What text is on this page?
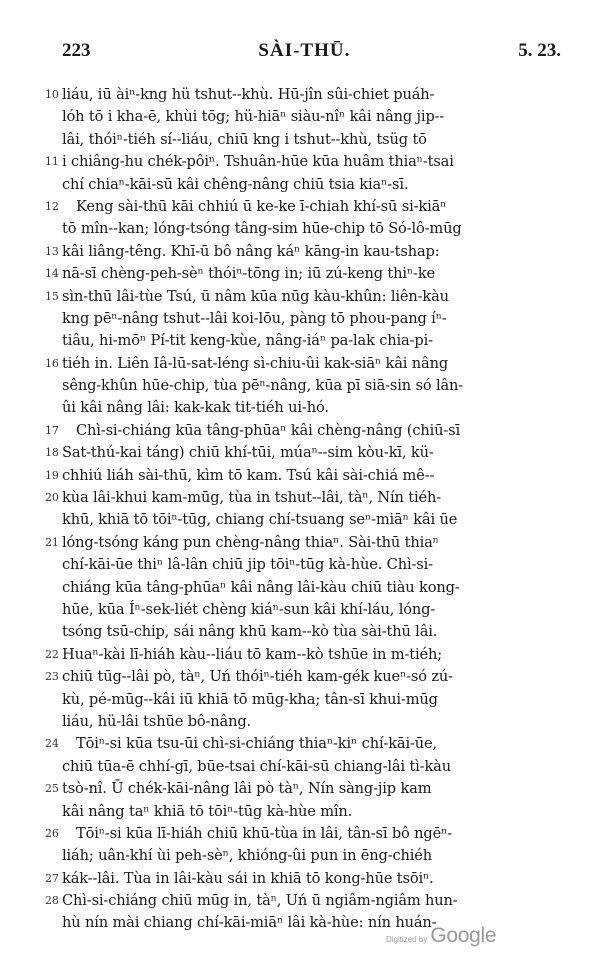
223	SÀI-THŪ.	5. 23.
10 liáu, iū àiⁿ-kng hü tshut--khù. Hū-jîn sûi-chiet puáh-
lóh tō i kha-ē, khùi tōg; hü-hiāⁿ siàu-nîⁿ kâi nâng jip--
lâi, thóiⁿ-tiéh sí--liáu, chiū kng i tshut--khù, tsüg tō
11 i chiâng-hu chék-pôiⁿ. Tshuân-hūe kūa huâm thiaⁿ-tsai
chí chiaⁿ-kāi-sū kâi chêng-nâng chiū tsia kiaⁿ-sī.
12	Keng sài-thū kāi chhiú ū ke-ke ī-chiah khí-sū si-kiāⁿ
tō mîn--kan; lóng-tsóng tâng-sim hūe-chip tō Só-lô-mūg
13 kâi liâng-têng. Khī-ū bô nâng káⁿ kāng-in kau-tshap:
14 nā-sī chèng-peh-sèⁿ thóiⁿ-tōng in; iū zú-keng thiⁿ-ke
15 sìn-thū lâi-tùe Tsú, ū nâm kūa nūg kàu-khûn: liên-kàu
kng pēⁿ-nâng tshut--lâi koi-lōu, pàng tō phou-pang íⁿ-
tiâu, hi-mōⁿ Pí-tit keng-kùe, nâng-iáⁿ pa-lak chia-pi-
16 tiéh in. Liên Iâ-lū-sat-léng sì-chiu-ûi kak-siāⁿ kâi nâng
sêng-khûn hūe-chip, tùa pēⁿ-nâng, kūa pī siā-sin só lân-
ûi kâi nâng lâi: kak-kak tit-tiéh ui-hó.
17	Chì-si-chiáng kūa tâng-phūaⁿ kâi chèng-nâng (chiū-sī
18 Sat-thú-kai táng) chiū khí-tūi, múaⁿ--sim kòu-kī, kü-
19 chhiú liáh sài-thū, kìm tō kam. Tsú kâi sài-chiá mê--
20 kùa lâi-khui kam-mūg, tùa in tshut--lâi, tàⁿ, Nín tiéh-
khū, khiā tō tōiⁿ-tūg, chiang chí-tsuang seⁿ-miāⁿ kâi ūe
21 lóng-tsóng káng pun chèng-nâng thiaⁿ. Sài-thū thiaⁿ
chí-kāi-ūe thiⁿ lâ-lân chiū jip tōiⁿ-tūg kà-hùe. Chì-si-
chiáng kūa tâng-phūaⁿ kâi nâng lâi-kàu chiū tiàu kong-
hūe, kūa Íⁿ-sek-liét chèng kiáⁿ-sun kâi khí-láu, lóng-
tsóng tsū-chip, sái nâng khū kam--kò tùa sài-thū lâi.
22 Huaⁿ-kài lī-hiáh kàu--liáu tō kam--kò tshūe in m-tiéh;
23 chiū tūg--lâi pò, tàⁿ, Uń thóiⁿ-tiéh kam-gék kueⁿ-só zú-
kù, pé-mūg--kâi iū khiā tō mūg-kha; tân-sī khui-mūg
liáu, hü-lâi tshūe bô-nâng.
24	Tōiⁿ-si kūa tsu-ūi chì-si-chiáng thiaⁿ-kiⁿ chí-kāi-ūe,
chiū tūa-ē chhí-gī, būe-tsai chí-kāi-sū chiang-lâi tì-kàu
25 tsò-nî. Ū chék-kāi-nâng lâi pò tàⁿ, Nín sàng-jip kam
kâi nâng taⁿ khiā tō tōiⁿ-tūg kà-hùe mîn.
26	Tōiⁿ-si kūa lī-hiáh chiū khū-tùa in lâi, tân-sī bô ngēⁿ-
liáh; uân-khí ùi peh-sèⁿ, khióng-ûi pun in ēng-chiéh
27 kák--lâi. Tùa in lâi-kàu sái in khiā tō kong-hūe tsōiⁿ.
28 Chì-si-chiáng chiū mūg in, tàⁿ, Uń ū ngiâm-ngiâm hun-
hù nín mài chiang chí-kāi-miāⁿ lâi kà-hùe: nín huán-
Digitized by Google
